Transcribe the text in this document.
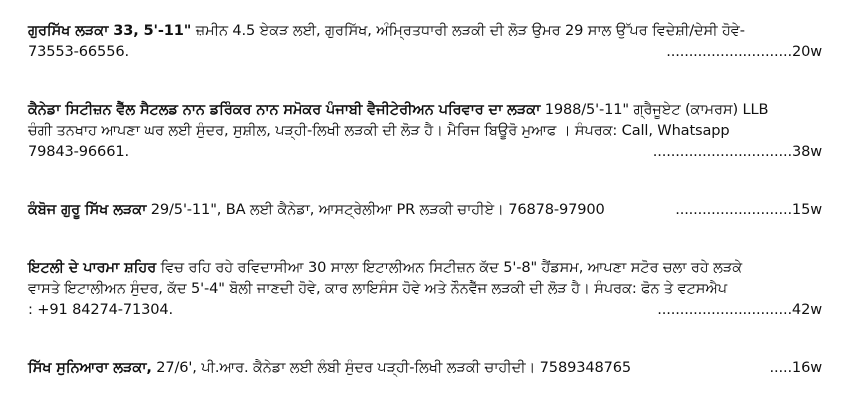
ਗੁਰਸਿੱਖ ਲੜਕਾ 33, 5'-11" ਜ਼ਮੀਨ 4.5 ਏਕੜ ਲਈ, ਗੁਰਸਿੱਖ, ਅੰਮ੍ਰਿਤਧਾਰੀ ਲੜਕੀ ਦੀ ਲੋੜ ਉਮਰ 29 ਸਾਲ ਉੱਪਰ ਵਿਦੇਸ਼ੀ/ਦੇਸੀ ਹੋਵੇ-

73553-66556.	............................20w

ਕੈਨੇਡਾ ਸਿਟੀਜ਼ਨ ਵੈੱਲ ਸੈਟਲਡ ਨਾਨ ਡਰਿੰਕਰ ਨਾਨ ਸਮੋਕਰ ਪੰਜਾਬੀ ਵੈਜੀਟੇਰੀਅਨ ਪਰਿਵਾਰ ਦਾ ਲੜਕਾ 1988/5'-11" ਗ੍ਰੈਜੂਏਟ (ਕਾਮਰਸ) LLB

ਚੰਗੀ ਤਨਖਾਹ ਆਪਣਾ ਘਰ ਲਈ ਸੁੰਦਰ, ਸੁਸ਼ੀਲ, ਪੜ੍ਹੀ-ਲਿਖੀ ਲੜਕੀ ਦੀ ਲੋੜ ਹੈ। ਮੈਰਿਜ ਬਿਊਰੋ ਮੁਆਫ । ਸੰਪਰਕ: Call, Whatsapp

79843-96661.	...............................38w

ਕੰਬੋਜ ਗੁਰੂ ਸਿੱਖ ਲੜਕਾ 29/5'-11", BA ਲਈ ਕੈਨੇਡਾ, ਆਸਟ੍ਰੇਲੀਆ PR ਲੜਕੀ ਚਾਹੀਏ। 76878-97900	..........................15w

ਇਟਲੀ ਦੇ ਪਾਰਮਾ ਸ਼ਹਿਰ ਵਿਚ ਰਹਿ ਰਹੇ ਰਵਿਦਾਸੀਆ 30 ਸਾਲਾ ਇਟਾਲੀਅਨ ਸਿਟੀਜ਼ਨ ਕੱਦ 5'-8" ਹੈਂਡਸਮ, ਆਪਣਾ ਸਟੋਰ ਚਲਾ ਰਹੇ ਲੜਕੇ

ਵਾਸਤੇ ਇਟਾਲੀਅਨ ਸੁੰਦਰ, ਕੱਦ 5'-4" ਬੋਲੀ ਜਾਣਦੀ ਹੋਵੇ, ਕਾਰ ਲਾਇਸੰਸ ਹੋਵੇ ਅਤੇ ਨੌਨਵੈੱਜ ਲੜਕੀ ਦੀ ਲੋੜ ਹੈ। ਸੰਪਰਕ: ਫੋਨ ਤੇ ਵਟਸਐਪ

: +91 84274-71304.	..............................42w

ਸਿੱਖ ਸੁਨਿਆਰਾ ਲੜਕਾ, 27/6', ਪੀ.ਆਰ. ਕੈਨੇਡਾ ਲਈ ਲੰਬੀ ਸੁੰਦਰ ਪੜ੍ਹੀ-ਲਿਖੀ ਲੜਕੀ ਚਾਹੀਦੀ। 7589348765	.....16w
